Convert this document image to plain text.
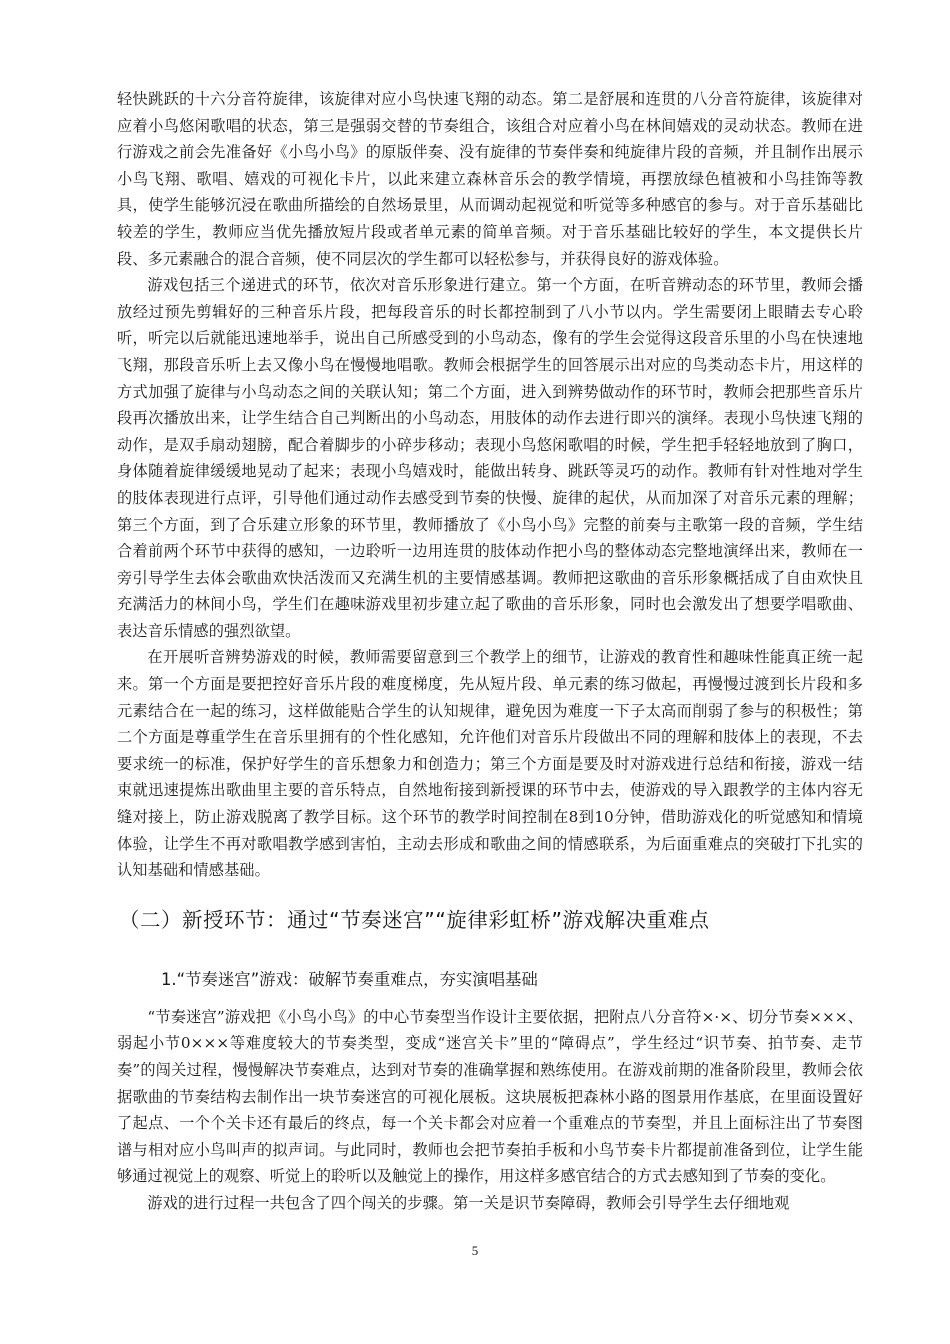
轻快跳跃的十六分音符旋律，该旋律对应小鸟快速飞翔的动态。第二是舒展和连贯的八分音符旋律，该旋律对应着小鸟悠闲歌唱的状态，第三是强弱交替的节奏组合，该组合对应着小鸟在林间嬉戏的灵动状态。教师在进行游戏之前会先准备好《小鸟小鸟》的原版伴奏、没有旋律的节奏伴奏和纯旋律片段的音频，并且制作出展示小鸟飞翔、歌唱、嬉戏的可视化卡片，以此来建立森林音乐会的教学情境，再摆放绿色植被和小鸟挂饰等教具，使学生能够沉浸在歌曲所描绘的自然场景里，从而调动起视觉和听觉等多种感官的参与。对于音乐基础比较差的学生，教师应当优先播放短片段或者单元素的简单音频。对于音乐基础比较好的学生，本文提供长片段、多元素融合的混合音频，使不同层次的学生都可以轻松参与，并获得良好的游戏体验。

游戏包括三个递进式的环节，依次对音乐形象进行建立。第一个方面，在听音辨动态的环节里，教师会播放经过预先剪辑好的三种音乐片段，把每段音乐的时长都控制到了八小节以内。学生需要闭上眼睛去专心聆听，听完以后就能迅速地举手，说出自己所感受到的小鸟动态，像有的学生会觉得这段音乐里的小鸟在快速地飞翔，那段音乐听上去又像小鸟在慢慢地唱歌。教师会根据学生的回答展示出对应的鸟类动态卡片，用这样的方式加强了旋律与小鸟动态之间的关联认知；第二个方面，进入到辨势做动作的环节时，教师会把那些音乐片段再次播放出来，让学生结合自己判断出的小鸟动态，用肢体的动作去进行即兴的演绎。表现小鸟快速飞翔的动作，是双手扇动翅膀，配合着脚步的小碎步移动；表现小鸟悠闲歌唱的时候，学生把手轻轻地放到了胸口，身体随着旋律缓缓地晃动了起来；表现小鸟嬉戏时，能做出转身、跳跃等灵巧的动作。教师有针对性地对学生的肢体表现进行点评，引导他们通过动作去感受到节奏的快慢、旋律的起伏，从而加深了对音乐元素的理解；第三个方面，到了合乐建立形象的环节里，教师播放了《小鸟小鸟》完整的前奏与主歌第一段的音频，学生结合着前两个环节中获得的感知，一边聆听一边用连贯的肢体动作把小鸟的整体动态完整地演绎出来，教师在一旁引导学生去体会歌曲欢快活泼而又充满生机的主要情感基调。教师把这歌曲的音乐形象概括成了自由欢快且充满活力的林间小鸟，学生们在趣味游戏里初步建立起了歌曲的音乐形象，同时也会激发出了想要学唱歌曲、表达音乐情感的强烈欲望。

在开展听音辨势游戏的时候，教师需要留意到三个教学上的细节，让游戏的教育性和趣味性能真正统一起来。第一个方面是要把控好音乐片段的难度梯度，先从短片段、单元素的练习做起，再慢慢过渡到长片段和多元素结合在一起的练习，这样做能贴合学生的认知规律，避免因为难度一下子太高而削弱了参与的积极性；第二个方面是尊重学生在音乐里拥有的个性化感知，允许他们对音乐片段做出不同的理解和肢体上的表现，不去要求统一的标准，保护好学生的音乐想象力和创造力；第三个方面是要及时对游戏进行总结和衔接，游戏一结束就迅速提炼出歌曲里主要的音乐特点，自然地衔接到新授课的环节中去，使游戏的导入跟教学的主体内容无缝对接上，防止游戏脱离了教学目标。这个环节的教学时间控制在8到10分钟，借助游戏化的听觉感知和情境体验，让学生不再对歌唱教学感到害怕，主动去形成和歌曲之间的情感联系，为后面重难点的突破打下扎实的认知基础和情感基础。

（二）新授环节：通过“节奏迷宫”“旋律彩虹桥”游戏解决重难点
1.“节奏迷宫”游戏：破解节奏重难点，夯实演唱基础

“节奏迷宫”游戏把《小鸟小鸟》的中心节奏型当作设计主要依据，把附点八分音符×·×、切分节奏×××、弱起小节0×××等难度较大的节奏类型，变成“迷宫关卡”里的“障碍点”，学生经过“识节奏、拍节奏、走节奏”的闯关过程，慢慢解决节奏难点，达到对节奏的准确掌握和熟练使用。在游戏前期的准备阶段里，教师会依据歌曲的节奏结构去制作出一块节奏迷宫的可视化展板。这块展板把森林小路的图景用作基底，在里面设置好了起点、一个个关卡还有最后的终点，每一个关卡都会对应着一个重难点的节奏型，并且上面标注出了节奏图谱与相对应小鸟叫声的拟声词。与此同时，教师也会把节奏拍手板和小鸟节奏卡片都提前准备到位，让学生能够通过视觉上的观察、听觉上的聆听以及触觉上的操作，用这样多感官结合的方式去感知到了节奏的变化。

游戏的进行过程一共包含了四个闯关的步骤。第一关是识节奏障碍，教师会引导学生去仔细地观

5
